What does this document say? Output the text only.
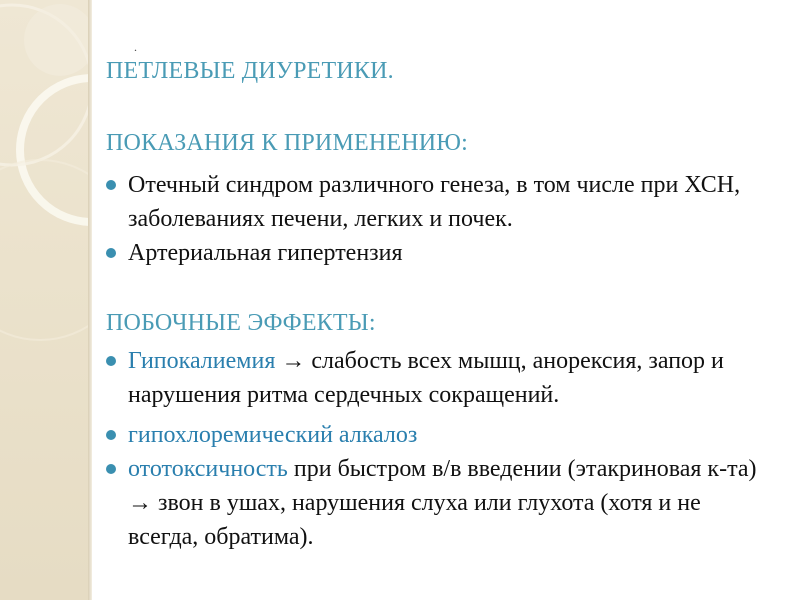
.
ПЕТЛЕВЫЕ ДИУРЕТИКИ.
ПОКАЗАНИЯ К ПРИМЕНЕНИЮ:
Отечный синдром различного генеза, в том числе при ХСН, заболеваниях печени, легких и почек.
Артериальная гипертензия
ПОБОЧНЫЕ ЭФФЕКТЫ:
Гипокалиемия → слабость всех мышц, анорексия, запор и нарушения ритма сердечных сокращений.
гипохлоремический алкалоз
ототоксичность при быстром в/в введении (этакриновая к-та) → звон в ушах, нарушения слуха или глухота (хотя и не всегда, обратима).
